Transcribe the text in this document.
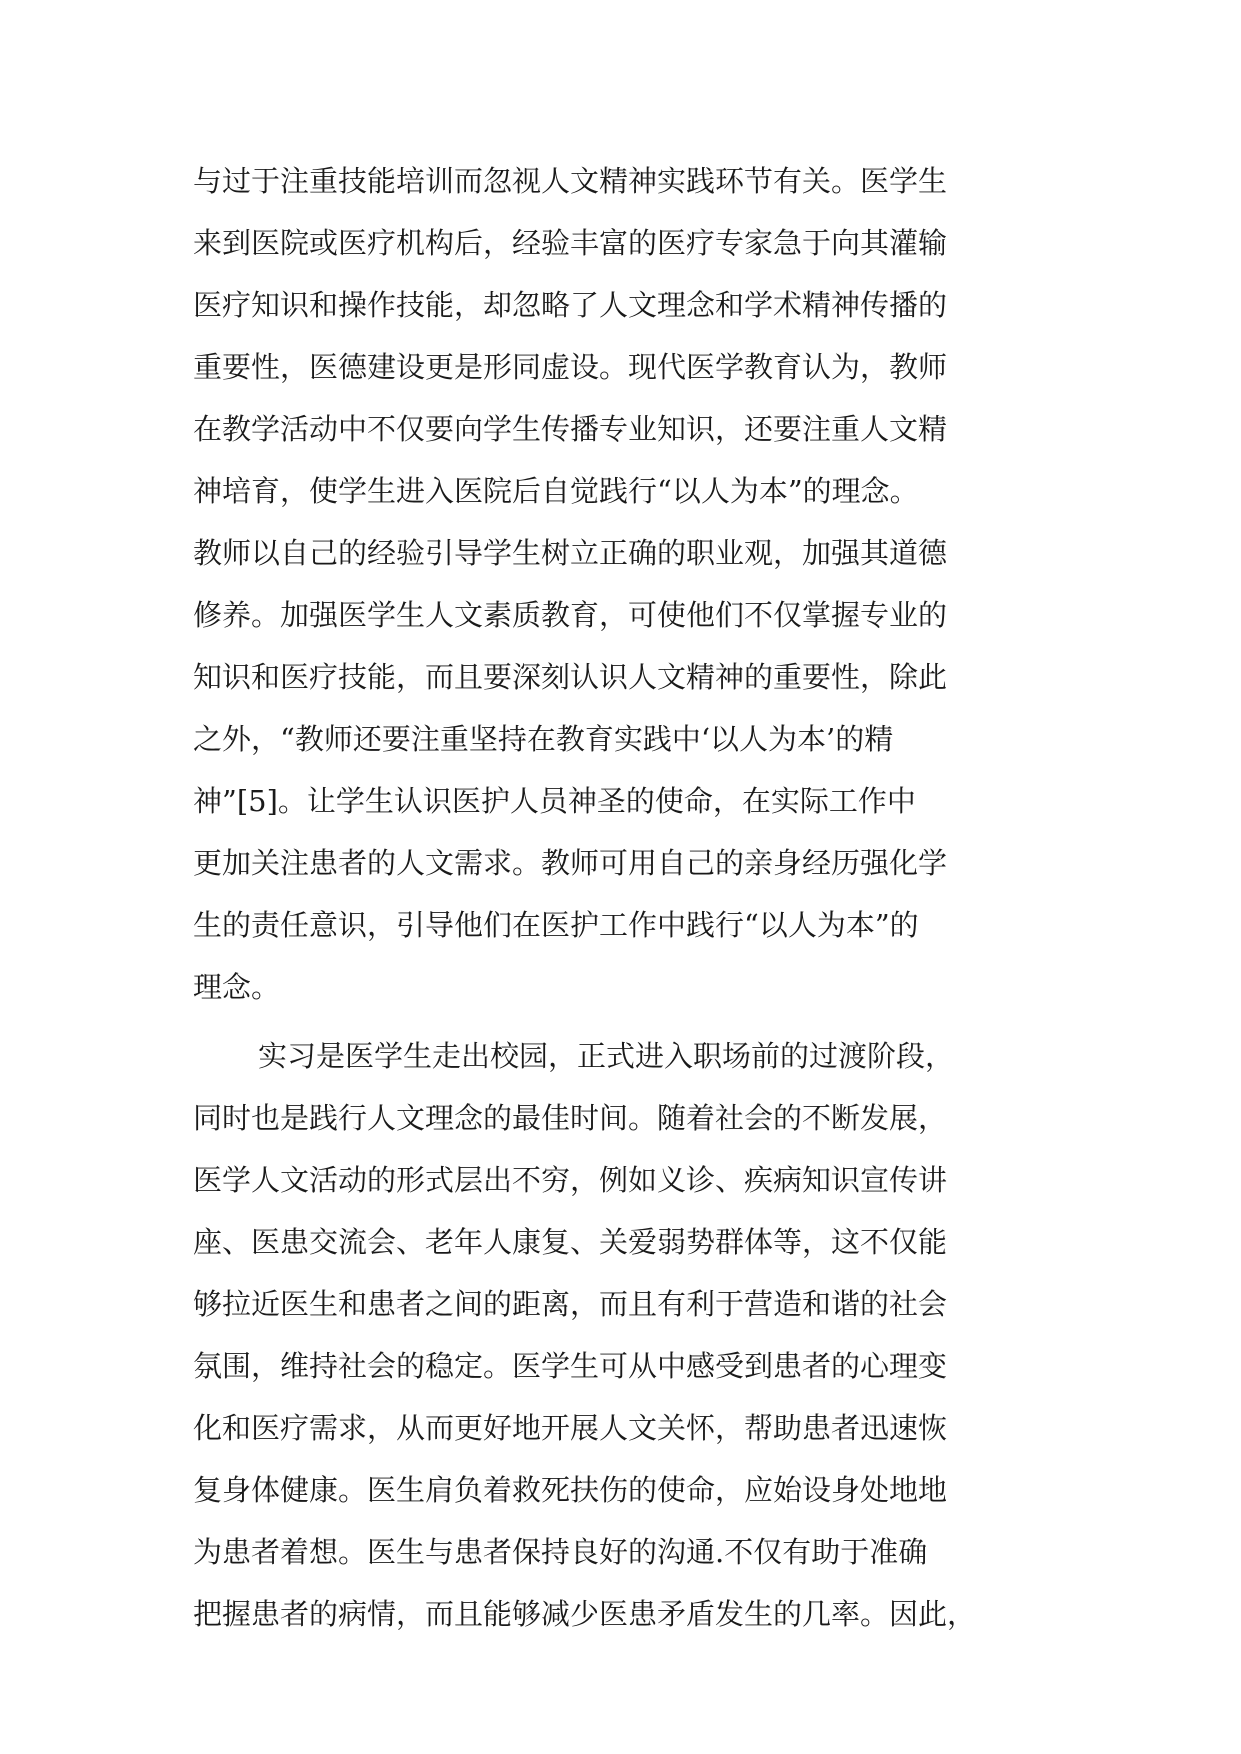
与过于注重技能培训而忽视人文精神实践环节有关。医学生
来到医院或医疗机构后，经验丰富的医疗专家急于向其灌输
医疗知识和操作技能，却忽略了人文理念和学术精神传播的
重要性，医德建设更是形同虚设。现代医学教育认为，教师
在教学活动中不仅要向学生传播专业知识，还要注重人文精
神培育，使学生进入医院后自觉践行“以人为本”的理念。
教师以自己的经验引导学生树立正确的职业观，加强其道德
修养。加强医学生人文素质教育，可使他们不仅掌握专业的
知识和医疗技能，而且要深刻认识人文精神的重要性，除此
之外，“教师还要注重坚持在教育实践中‘以人为本’的精
神”[5]。让学生认识医护人员神圣的使命，在实际工作中
更加关注患者的人文需求。教师可用自己的亲身经历强化学
生的责任意识，引导他们在医护工作中践行“以人为本”的
理念。
实习是医学生走出校园，正式进入职场前的过渡阶段，
同时也是践行人文理念的最佳时间。随着社会的不断发展，
医学人文活动的形式层出不穷，例如义诊、疾病知识宣传讲
座、医患交流会、老年人康复、关爱弱势群体等，这不仅能
够拉近医生和患者之间的距离，而且有利于营造和谐的社会
氛围，维持社会的稳定。医学生可从中感受到患者的心理变
化和医疗需求，从而更好地开展人文关怀，帮助患者迅速恢
复身体健康。医生肩负着救死扶伤的使命，应始设身处地地
为患者着想。医生与患者保持良好的沟通.不仅有助于准确
把握患者的病情，而且能够减少医患矛盾发生的几率。因此，
